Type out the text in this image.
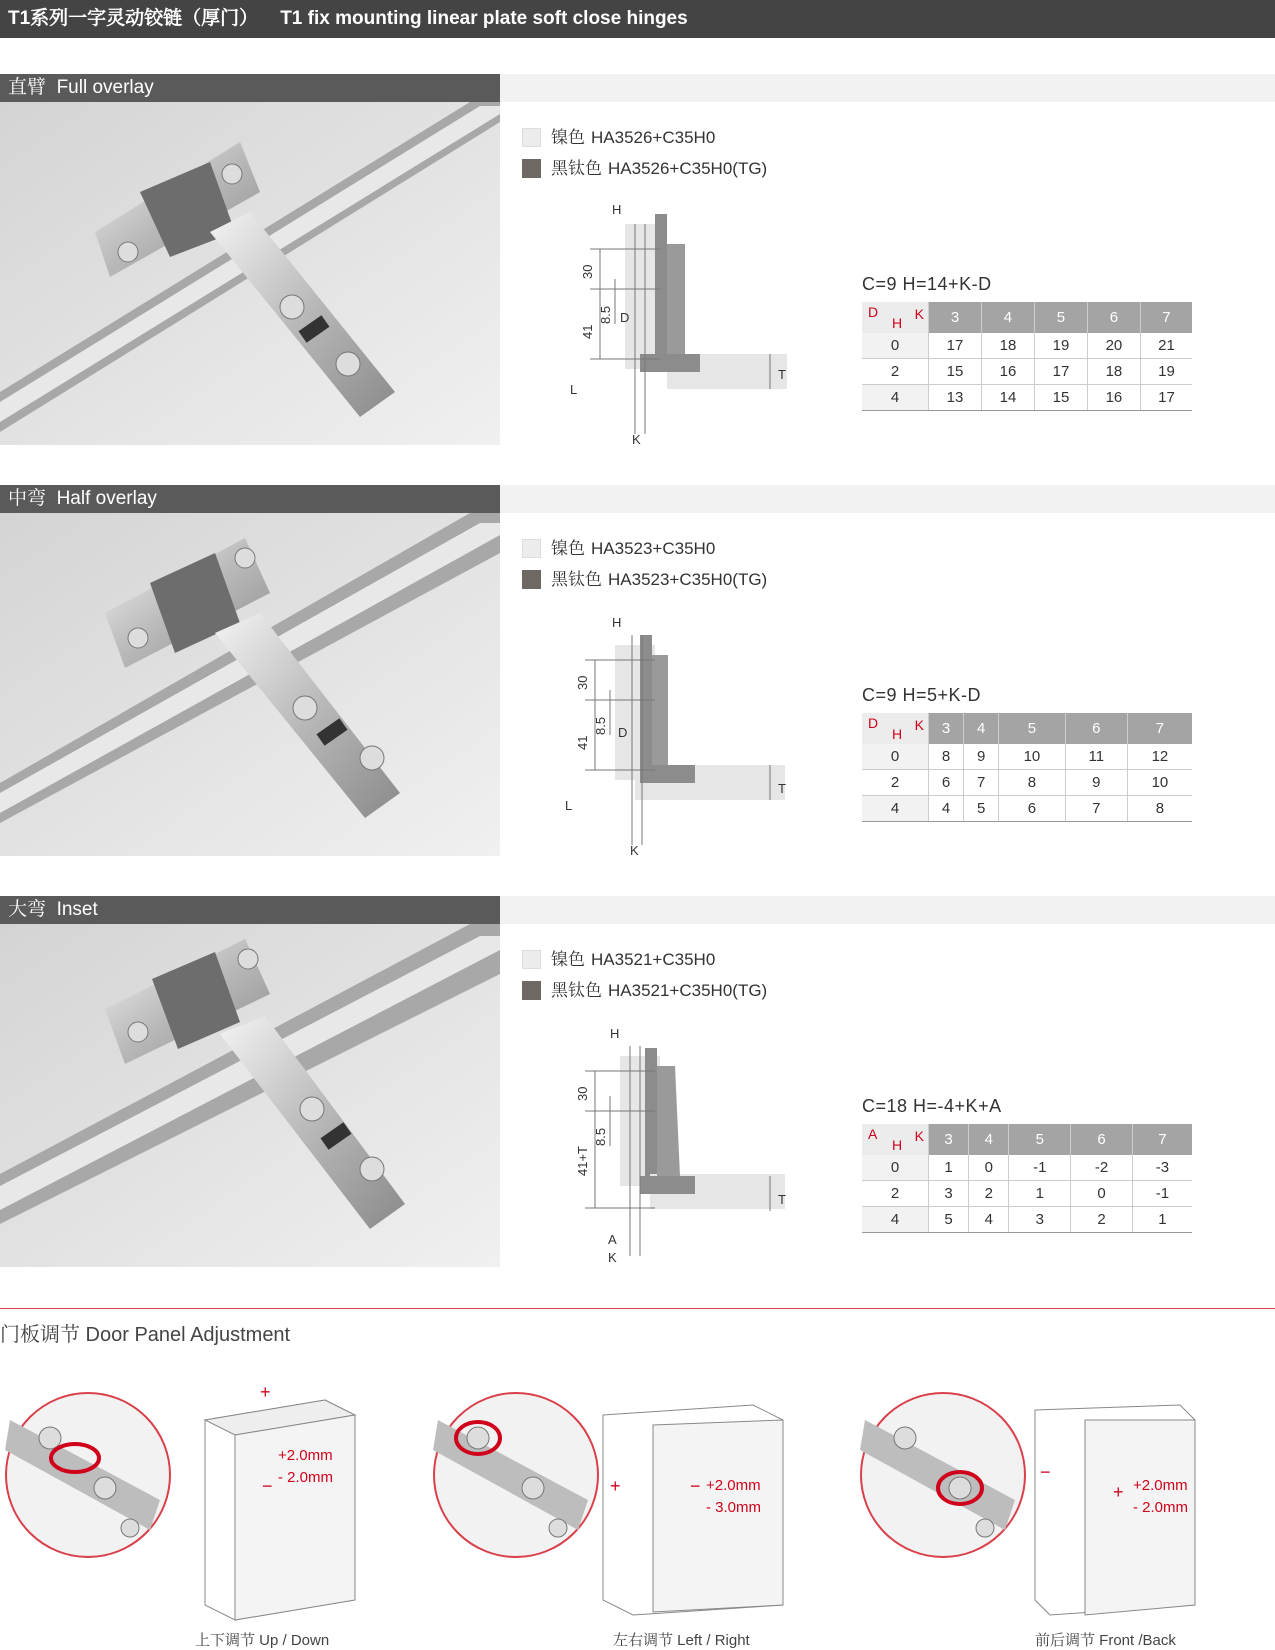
T1系列一字灵动铰链（厚门） T1 fix mounting linear plate soft close hinges
直臂 Full overlay
镍色 HA3526+C35H0
黑钛色 HA3526+C35H0(TG)
H
30
41
8.5 D
L
K
T
C=9 H=14+K-D
D
H
K	3	4	5	6	7
0	17	18	19	20	21
2	15	16	17	18	19
4	13	14	15	16	17
中弯 Half overlay
镍色 HA3523+C35H0
黑钛色 HA3523+C35H0(TG)
H
30
41
8.5 D
L
K
T
C=9 H=5+K-D
D
H
K	3	4	5	6	7
0	8	9	10	11	12
2	6	7	8	9	10
4	4	5	6	7	8
大弯 Inset
镍色 HA3521+C35H0
黑钛色 HA3521+C35H0(TG)
H
30
41+T
8.5
A
K
T
C=18 H=-4+K+A
A
H
K	3	4	5	6	7
0	1	0	-1	-2	-3
2	3	2	1	0	-1
4	5	4	3	2	1
门板调节 Door Panel Adjustment
+
−
+2.0mm
- 2.0mm
上下调节 Up / Down
+	− +2.0mm
- 3.0mm
左右调节 Left / Right
−
+ +2.0mm
- 2.0mm
前后调节 Front /Back
